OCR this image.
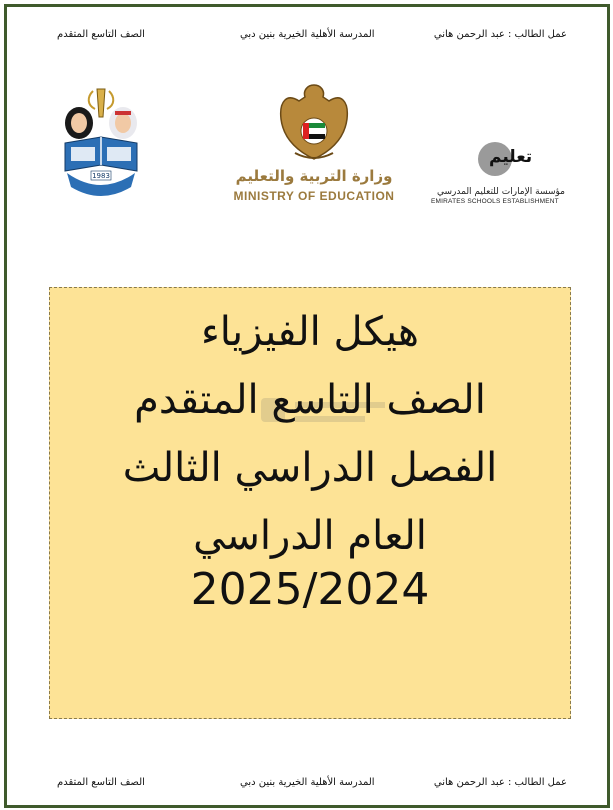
عمل الطالب : عبد الرحمن هاني
المدرسة الأهلية الخيرية بنين دبي
الصف التاسع المتقدم
1983	وزارة التربية والتعليم
MINISTRY OF EDUCATION
تعليم
مؤسسة الإمارات للتعليم المدرسي
EMIRATES SCHOOLS ESTABLISHMENT
هيكل الفيزياء
الصف التاسع المتقدم
الفصل الدراسي الثالث
العام الدراسي
2025/2024
عمل الطالب : عبد الرحمن هاني
المدرسة الأهلية الخيرية بنين دبي
الصف التاسع المتقدم
